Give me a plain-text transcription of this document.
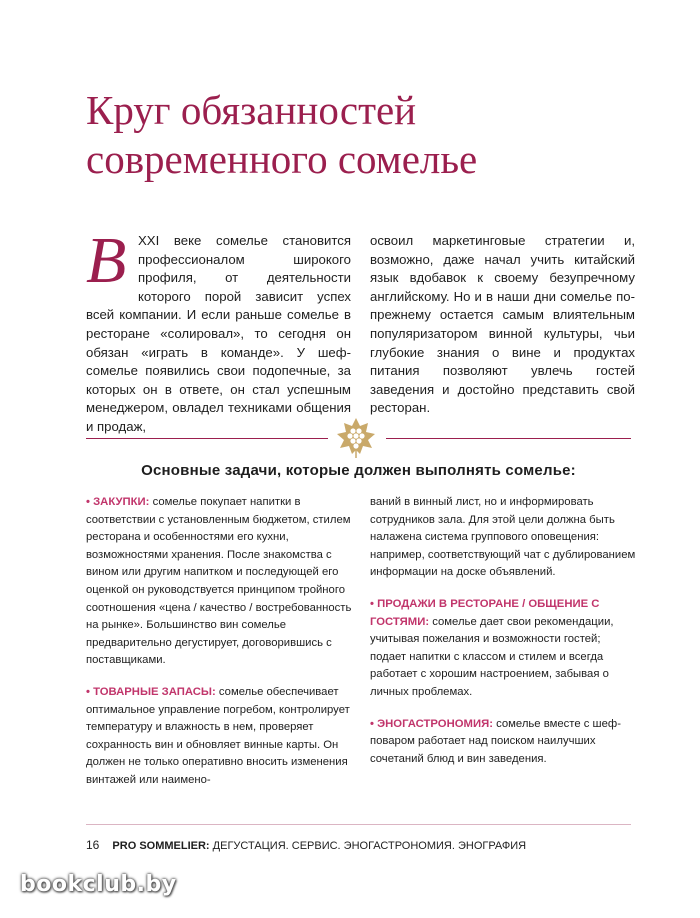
Круг обязанностей
современного сомелье
В XXI веке сомелье становится профессионалом широкого профиля, от деятельности которого порой зависит успех всей компании. И если раньше сомелье в ресторане «солировал», то сегодня он обязан «играть в команде». У шеф-сомелье появились свои подопечные, за которых он в ответе, он стал успешным менеджером, овладел техниками общения и продаж,

освоил маркетинговые стратегии и, возможно, даже начал учить китайский язык вдобавок к своему безупречному английскому. Но и в наши дни сомелье по-прежнему остается самым влиятельным популяризатором винной культуры, чьи глубокие знания о вине и продуктах питания позволяют увлечь гостей заведения и достойно представить свой ресторан.

Основные задачи, которые должен выполнять сомелье:

• ЗАКУПКИ: сомелье покупает напитки в соответствии с установленным бюджетом, стилем ресторана и особенностями его кухни, возможностями хранения. После знакомства с вином или другим напитком и последующей его оценкой он руководствуется принципом тройного соотношения «цена / качество / востребованность на рынке». Большинство вин сомелье предварительно дегустирует, договорившись с поставщиками.

• ТОВАРНЫЕ ЗАПАСЫ: сомелье обеспечивает оптимальное управление погребом, контролирует температуру и влажность в нем, проверяет сохранность вин и обновляет винные карты. Он должен не только оперативно вносить изменения винтажей или наимено-

ваний в винный лист, но и информировать сотрудников зала. Для этой цели должна быть налажена система группового оповещения: например, соответствующий чат с дублированием информации на доске объявлений.

• ПРОДАЖИ В РЕСТОРАНЕ / ОБЩЕНИЕ С ГОСТЯМИ: сомелье дает свои рекомендации, учитывая пожелания и возможности гостей; подает напитки с классом и стилем и всегда работает с хорошим настроением, забывая о личных проблемах.

• ЭНОГАСТРОНОМИЯ: сомелье вместе с шеф-поваром работает над поиском наилучших сочетаний блюд и вин заведения.

16 PRO SOMMELIER: ДЕГУСТАЦИЯ. СЕРВИС. ЭНОГАСТРОНОМИЯ. ЭНОГРАФИЯ
bookclub.by
